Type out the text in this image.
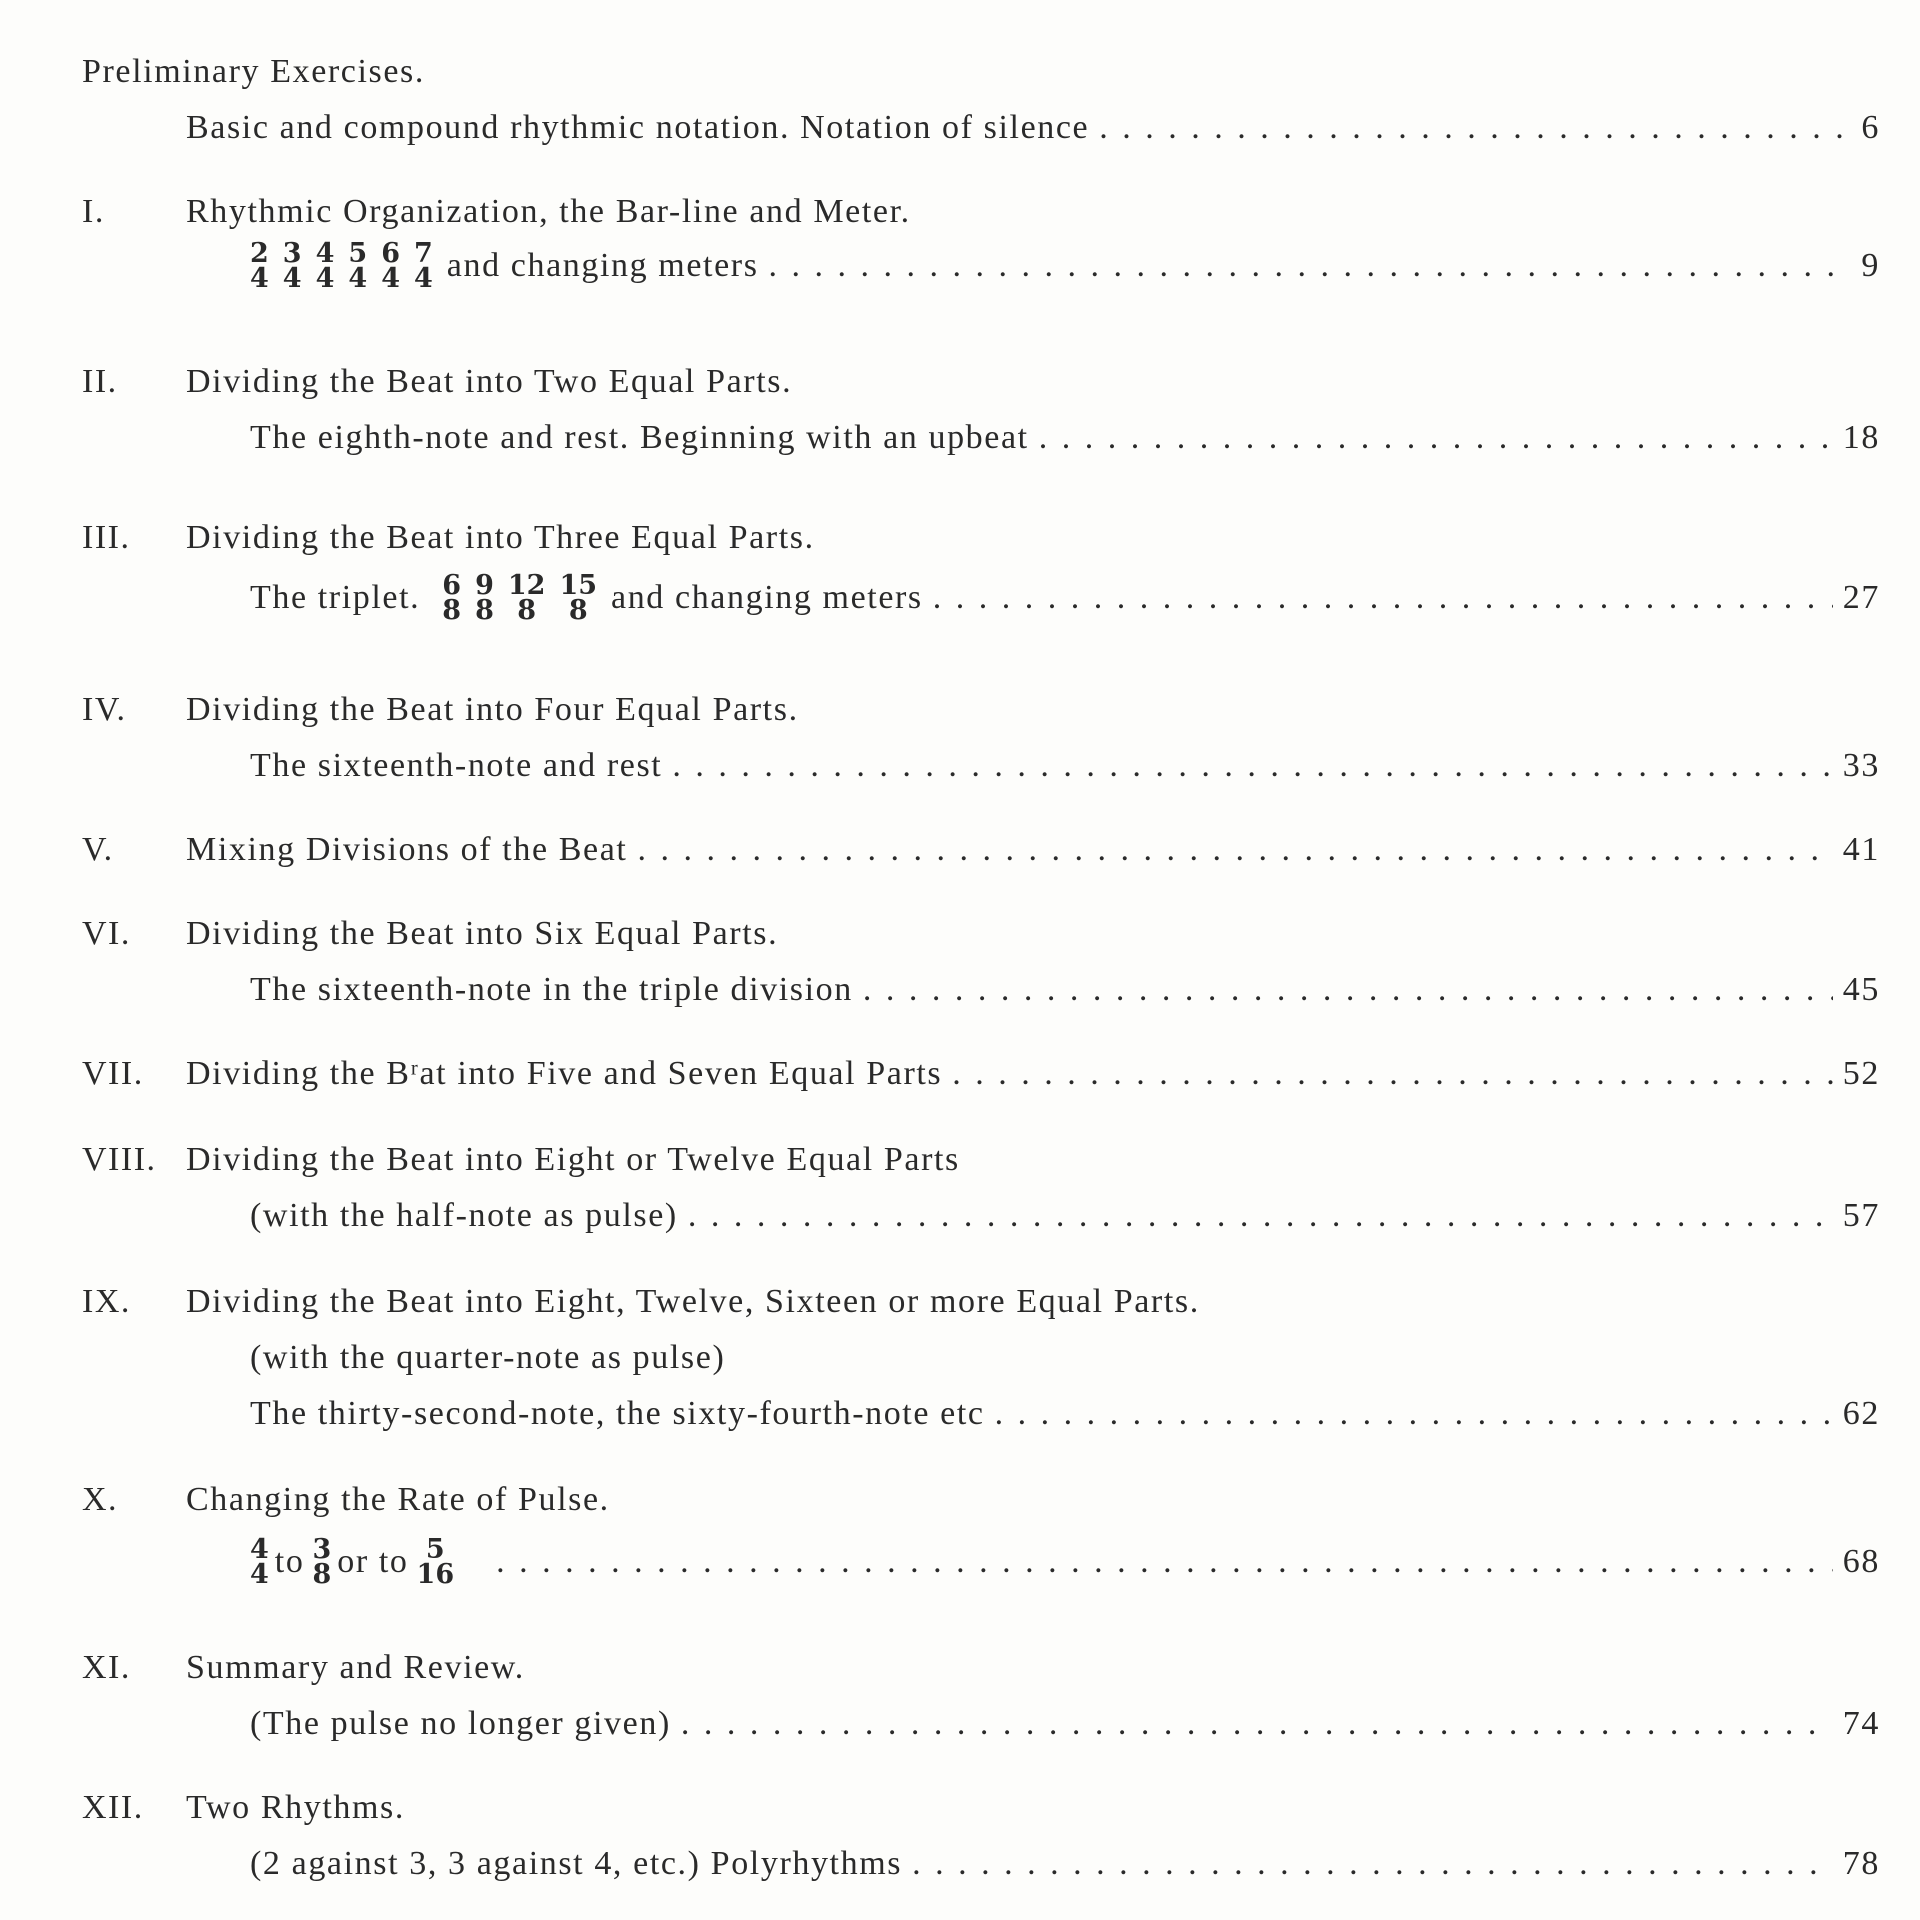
Preliminary Exercises.
Basic and compound rhythmic notation. Notation of silence . . .	6
I. Rhythmic Organization, the Bar-line and Meter.
2
4
3
4
4
4
5
4
6
4
7
4 and changing meters . . .	9
II. Dividing the Beat into Two Equal Parts.
The eighth-note and rest. Beginning with an upbeat . . .	18
III. Dividing the Beat into Three Equal Parts.
The triplet. 6
8
9
8
12
8
15
8 and changing meters . . .	27
IV. Dividing the Beat into Four Equal Parts.
The sixteenth-note and rest . . .	33
V. Mixing Divisions of the Beat . . .	41
VI. Dividing the Beat into Six Equal Parts.
The sixteenth-note in the triple division . . .	45
VII. Dividing the Bʳat into Five and Seven Equal Parts . . .	52
VIII. Dividing the Beat into Eight or Twelve Equal Parts
(with the half-note as pulse) . . .	57
IX. Dividing the Beat into Eight, Twelve, Sixteen or more Equal Parts.
(with the quarter-note as pulse)
The thirty-second-note, the sixty-fourth-note etc . . .	62
X. Changing the Rate of Pulse.
4
4 to 3
8 or to 5
16 . . .	68
XI. Summary and Review.
(The pulse no longer given) . . .	74
XII. Two Rhythms.
(2 against 3, 3 against 4, etc.) Polyrhythms . . .	78
